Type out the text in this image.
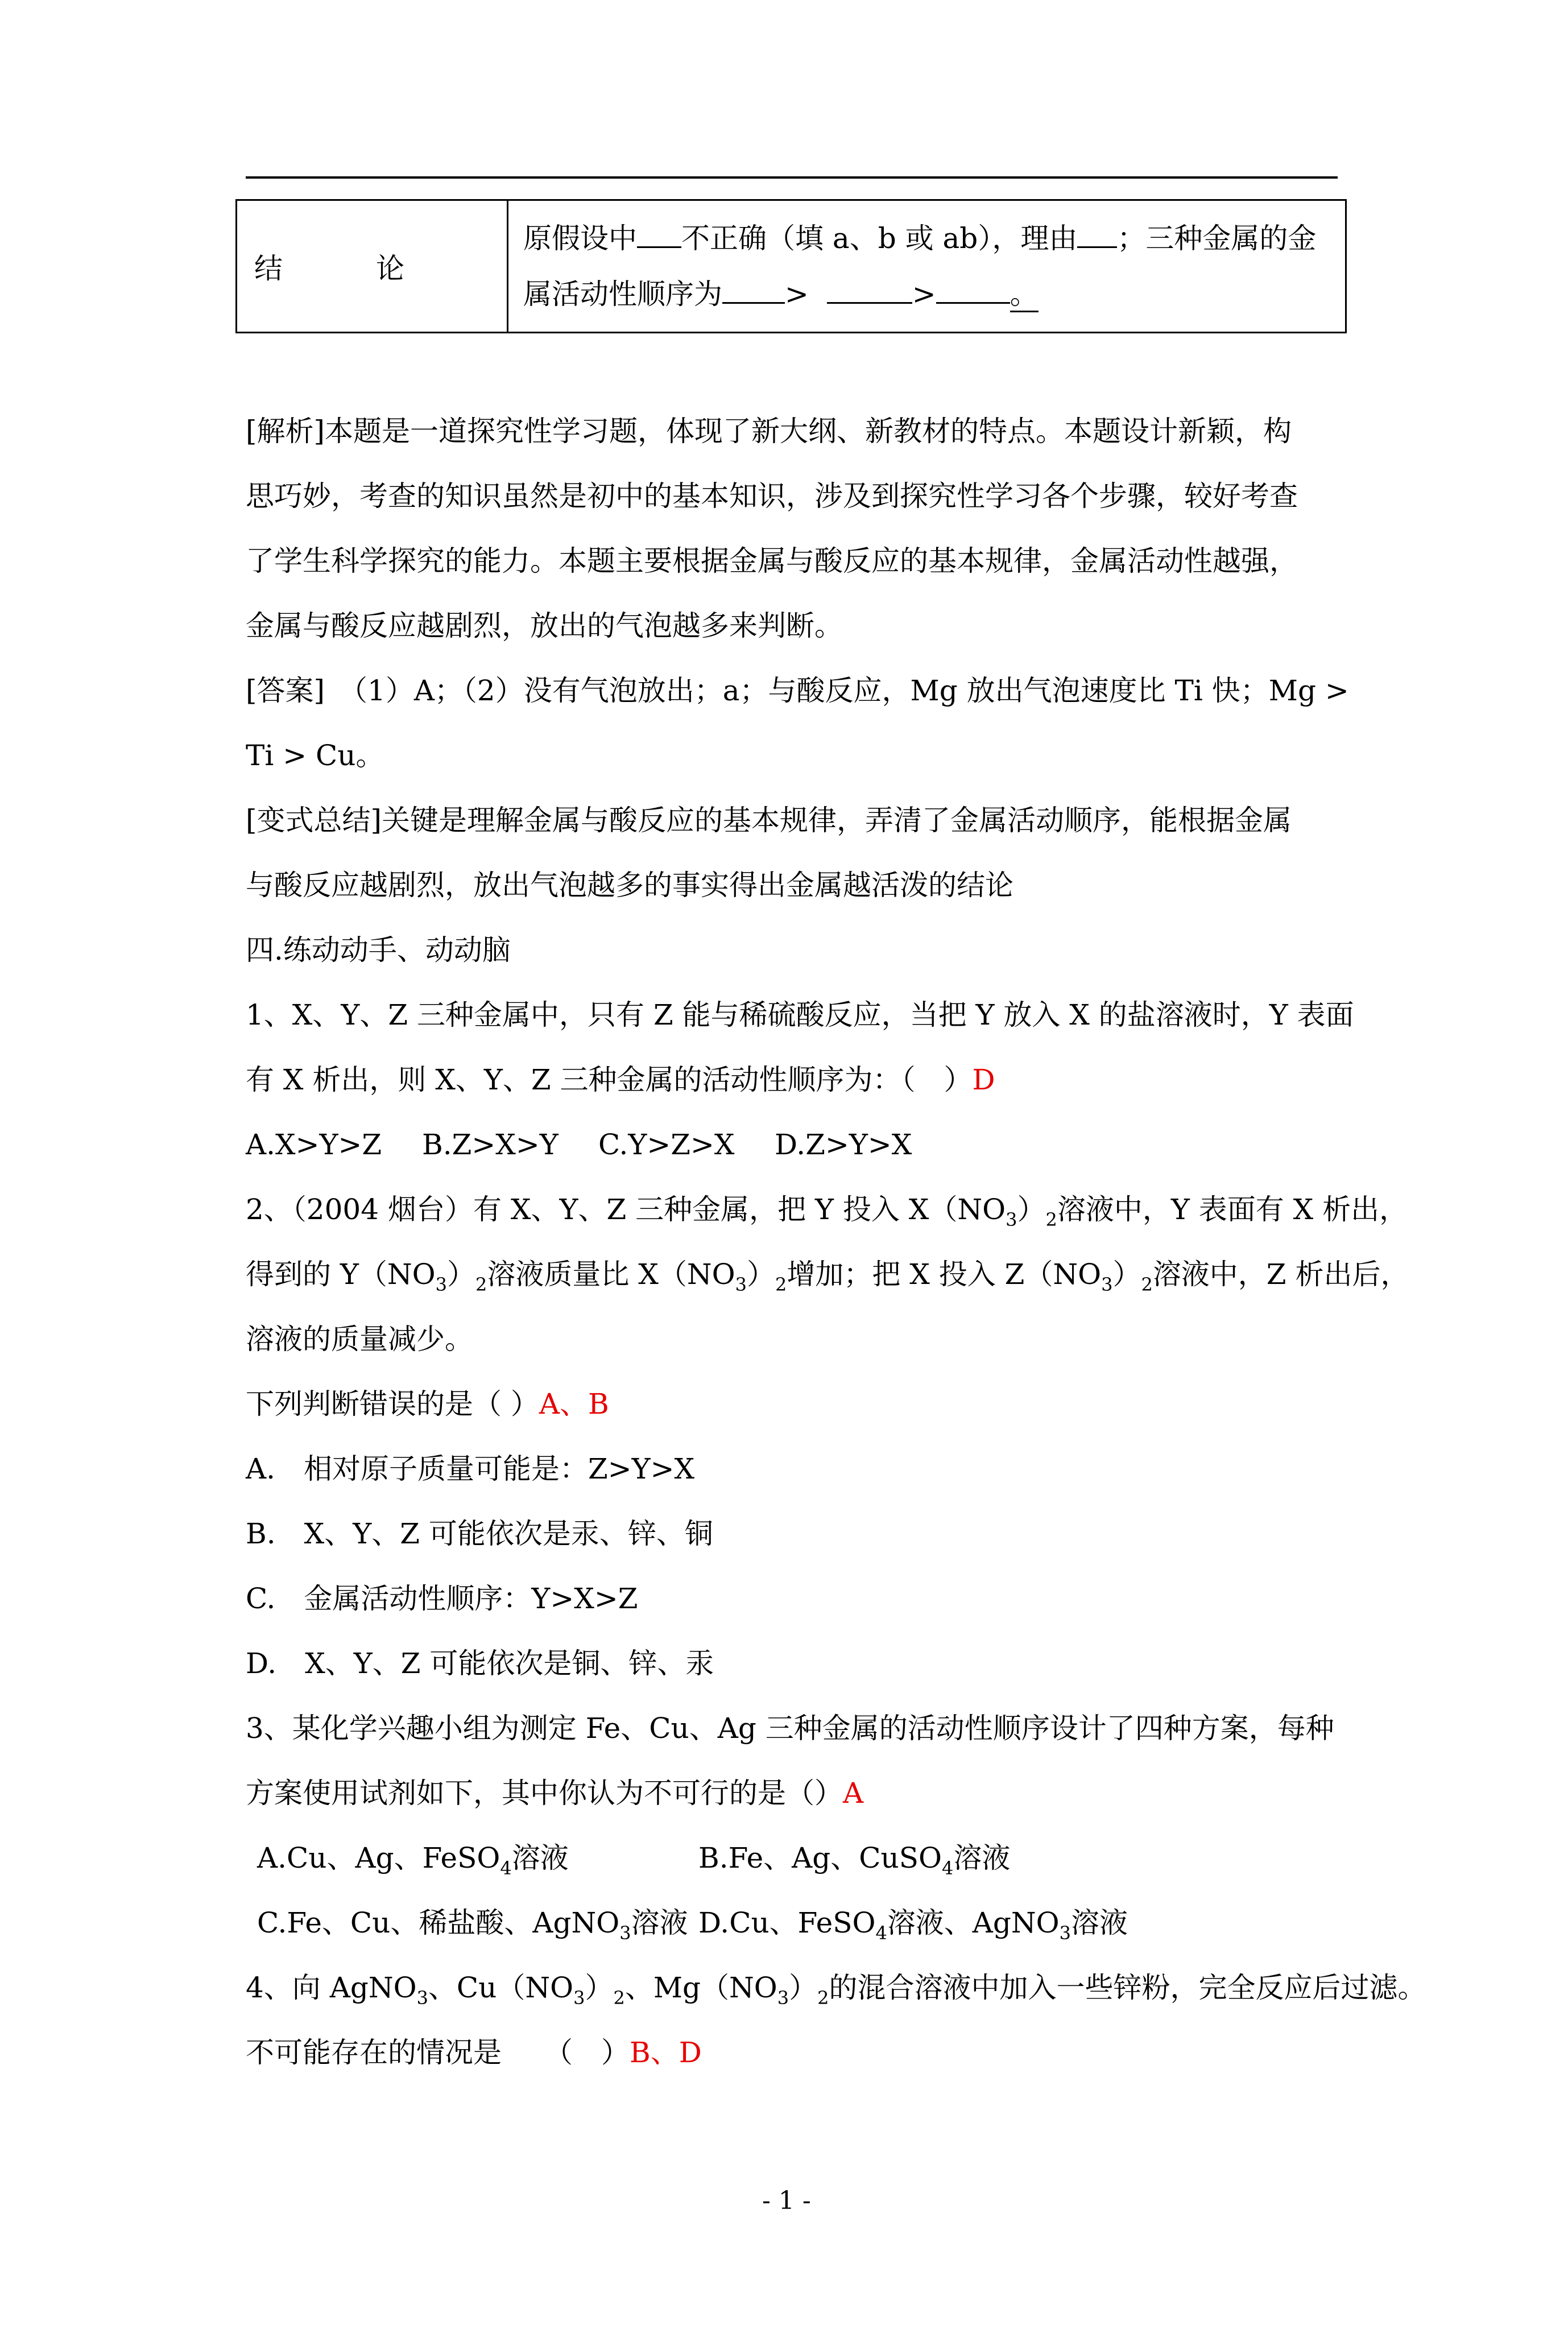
结	论
	原假设中 不正确（填 a、b 或 ab），理由 ；三种金属的金
属活动性顺序为 >	>	。
[解析]本题是一道探究性学习题，体现了新大纲、新教材的特点。本题设计新颖，构
思巧妙，考查的知识虽然是初中的基本知识，涉及到探究性学习各个步骤，较好考查
了学生科学探究的能力。本题主要根据金属与酸反应的基本规律，金属活动性越强，
金属与酸反应越剧烈，放出的气泡越多来判断。
[答案]　（1）A；（2）没有气泡放出；a；与酸反应，Mg 放出气泡速度比 Ti 快；Mg >
Ti > Cu。
[变式总结]关键是理解金属与酸反应的基本规律，弄清了金属活动顺序，能根据金属
与酸反应越剧烈，放出气泡越多的事实得出金属越活泼的结论
四.练动动手、动动脑
1、X、Y、Z 三种金属中，只有 Z 能与稀硫酸反应，当把 Y 放入 X 的盐溶液时，Y 表面
有 X 析出，则 X、Y、Z 三种金属的活动性顺序为：（　）D
A.X>Y>Z B.Z>X>Y C.Y>Z>X D.Z>Y>X
2、（2004 烟台）有 X、Y、Z 三种金属，把 Y 投入 $X(NO_3)_2$溶液中，Y 表面有 X 析出，
得到的 $Y(NO_3)_2$溶液质量比 $X(NO_3)_2$增加；把 X 投入 $Z(NO_3)_2$溶液中，Z 析出后，
溶液的质量减少。
下列判断错误的是（ ）A、B
A.　相对原子质量可能是：Z>Y>X
B.　X、Y、Z 可能依次是汞、锌、铜
C.　金属活动性顺序：Y>X>Z
D.　X、Y、Z 可能依次是铜、锌、汞
3、某化学兴趣小组为测定 Fe、Cu、Ag 三种金属的活动性顺序设计了四种方案，每种
方案使用试剂如下，其中你认为不可行的是（）A
A.Cu、Ag、FeSO$_4$溶液	B.Fe、Ag、CuSO$_4$溶液
C.Fe、Cu、稀盐酸、AgNO$_3$溶液 D.Cu、FeSO$_4$溶液、AgNO$_3$溶液
4、向 AgNO$_3$、$Cu(NO_3)_2$、$Mg(NO_3)_2$的混合溶液中加入一些锌粉，完全反应后过滤。
不可能存在的情况是　　（　）B、D
- 1 -
